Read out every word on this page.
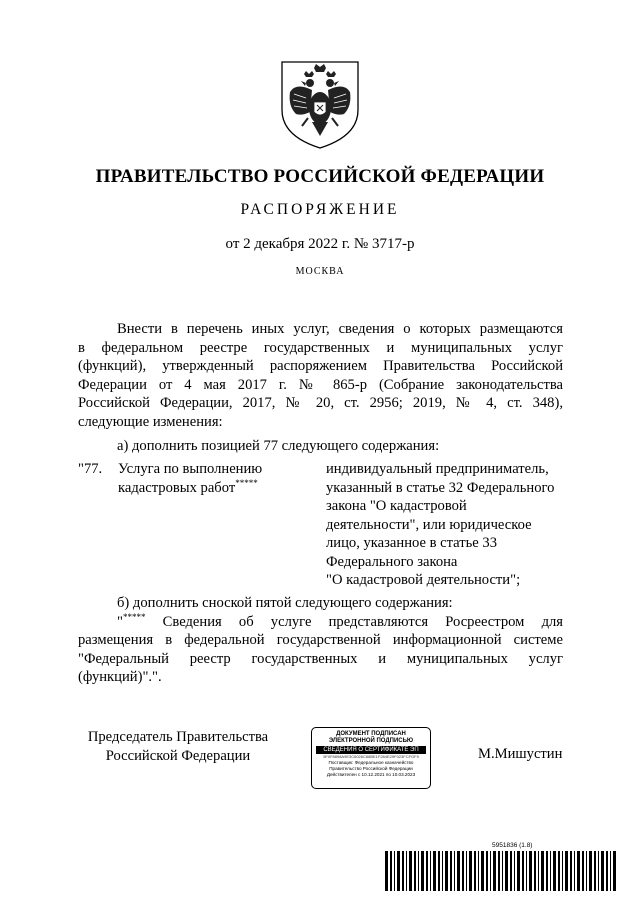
ПРАВИТЕЛЬСТВО РОССИЙСКОЙ ФЕДЕРАЦИИ
РАСПОРЯЖЕНИЕ
от 2 декабря 2022 г. № 3717-р
МОСКВА
Внести в перечень иных услуг, сведения о которых размещаются
в федеральном реестре государственных и муниципальных услуг
(функций), утвержденный распоряжением Правительства Российской
Федерации от 4 мая 2017 г. № 865-р (Собрание законодательства
Российской Федерации, 2017, № 20, ст. 2956; 2019, № 4, ст. 348),
следующие изменения:
а) дополнить позицией 77 следующего содержания:
"77. Услуга по выполнению
кадастровых работ*****
индивидуальный предприниматель,
указанный в статье 32 Федерального
закона "О кадастровой
деятельности", или юридическое
лицо, указанное в статье 33
Федерального закона
"О кадастровой деятельности";
б) дополнить сноской пятой следующего содержания:
"***** Сведения об услуге представляются Росреестром для
размещения в федеральной государственной информационной системе
"Федеральный реестр государственных и муниципальных услуг
(функций)".".
Председатель Правительства
Российской Федерации
ДОКУМЕНТ ПОДПИСАН
ЭЛЕКТРОННОЙ ПОДПИСЬЮ
СВЕДЕНИЯ О СЕРТИФИКАТЕ ЭП
5F0F8898A9E3C6026C68BE1F284E29F023FCFGF9
Поставщик: Федеральное казначейство
Правительство Российской Федерации
Действителен с 10.12.2021 по 10.03.2023
М.Мишустин
5951836 (1.8)
